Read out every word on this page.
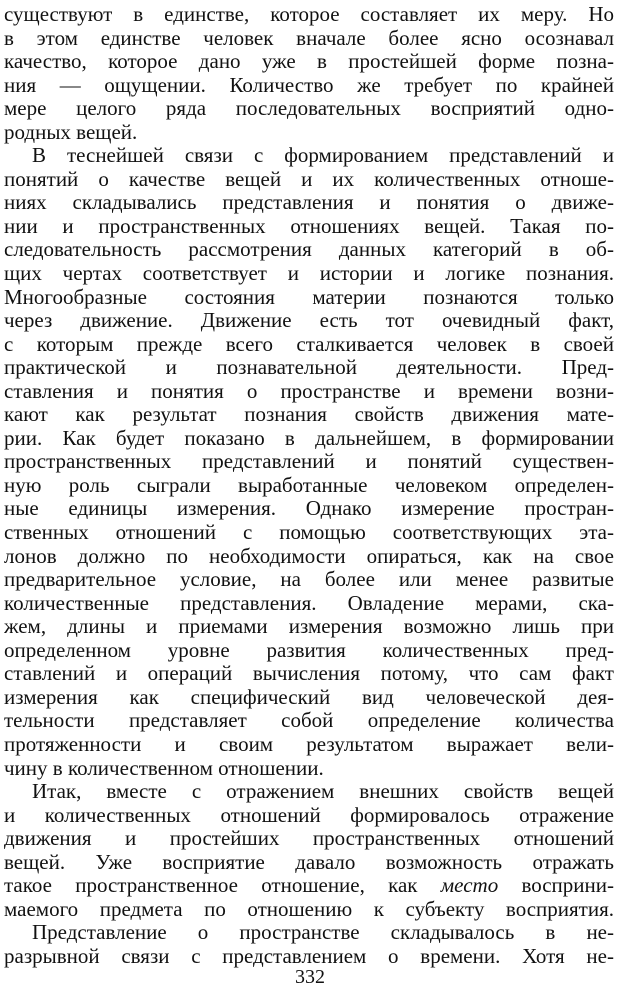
существуют в единстве, которое составляет их меру. Но
в этом единстве человек вначале более ясно осознавал
качество, которое дано уже в простейшей форме позна-
ния — ощущении. Количество же требует по крайней
мере целого ряда последовательных восприятий одно-
родных вещей.
В теснейшей связи с формированием представлений и
понятий о качестве вещей и их количественных отноше-
ниях складывались представления и понятия о движе-
нии и пространственных отношениях вещей. Такая по-
следовательность рассмотрения данных категорий в об-
щих чертах соответствует и истории и логике познания.
Многообразные состояния материи познаются только
через движение. Движение есть тот очевидный факт,
с которым прежде всего сталкивается человек в своей
практической и познавательной деятельности. Пред-
ставления и понятия о пространстве и времени возни-
кают как результат познания свойств движения мате-
рии. Как будет показано в дальнейшем, в формировании
пространственных представлений и понятий существен-
ную роль сыграли выработанные человеком определен-
ные единицы измерения. Однако измерение простран-
ственных отношений с помощью соответствующих эта-
лонов должно по необходимости опираться, как на свое
предварительное условие, на более или менее развитые
количественные представления. Овладение мерами, ска-
жем, длины и приемами измерения возможно лишь при
определенном уровне развития количественных пред-
ставлений и операций вычисления потому, что сам факт
измерения как специфический вид человеческой дея-
тельности представляет собой определение количества
протяженности и своим результатом выражает вели-
чину в количественном отношении.
Итак, вместе с отражением внешних свойств вещей
и количественных отношений формировалось отражение
движения и простейших пространственных отношений
вещей. Уже восприятие давало возможность отражать
такое пространственное отношение, как место восприни-
маемого предмета по отношению к субъекту восприятия.
Представление о пространстве складывалось в не-
разрывной связи с представлением о времени. Хотя не-
332
